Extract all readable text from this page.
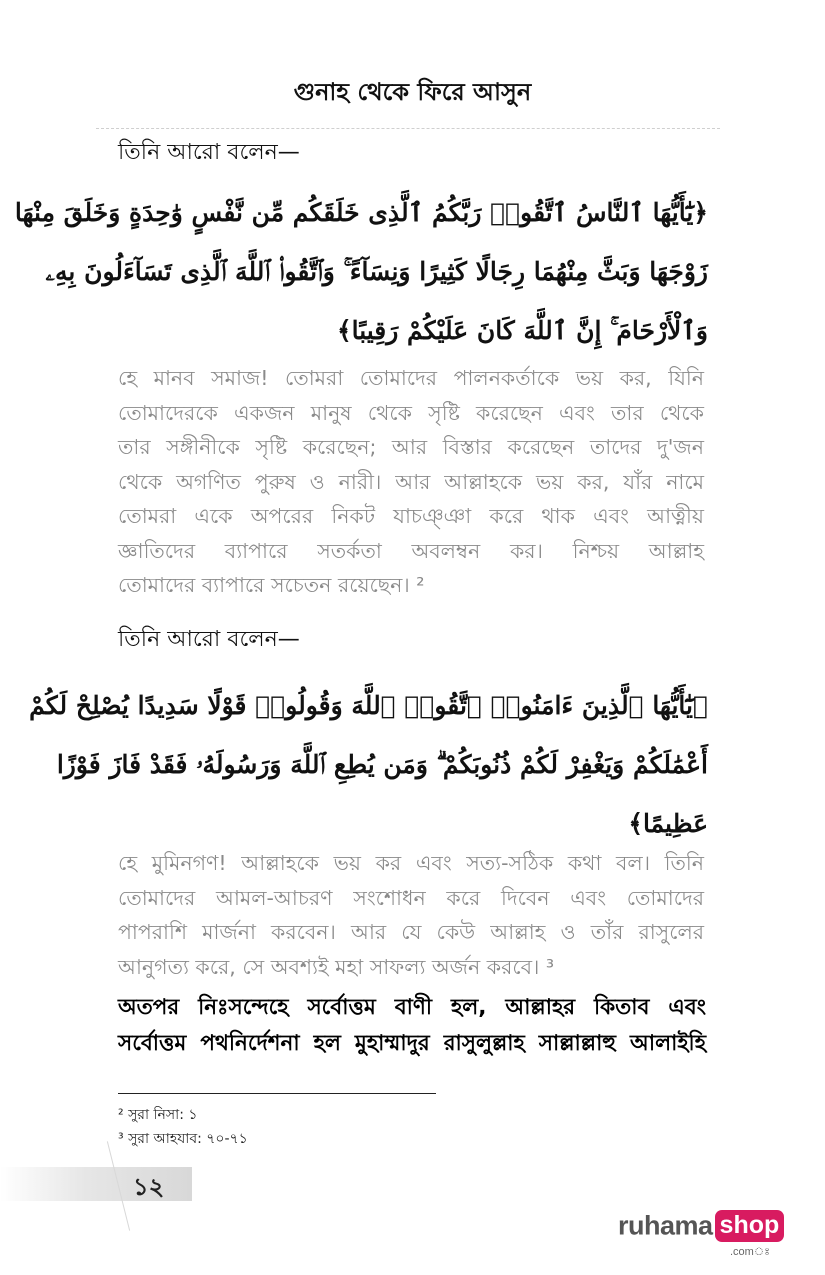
গুনাহ থেকে ফিরে আসুন
তিনি আরো বলেন—
﴿يَٰٓأَيُّهَا ٱلنَّاسُ ٱتَّقُوا۟ رَبَّكُمُ ٱلَّذِى خَلَقَكُم مِّن نَّفْسٍ وَٰحِدَةٍ وَخَلَقَ مِنْهَا
زَوْجَهَا وَبَثَّ مِنْهُمَا رِجَالًا كَثِيرًا وَنِسَآءً ۚ وَٱتَّقُوا۟ ٱللَّهَ ٱلَّذِى تَسَآءَلُونَ بِهِۦ
وَٱلْأَرْحَامَ ۚ إِنَّ ٱللَّهَ كَانَ عَلَيْكُمْ رَقِيبًا﴾
হে মানব সমাজ! তোমরা তোমাদের পালনকর্তাকে ভয় কর, যিনি
তোমাদেরকে একজন মানুষ থেকে সৃষ্টি করেছেন এবং তার থেকে
তার সঙ্গীনীকে সৃষ্টি করেছেন; আর বিস্তার করেছেন তাদের দু'জন
থেকে অগণিত পুরুষ ও নারী। আর আল্লাহকে ভয় কর, যাঁর নামে
তোমরা একে অপরের নিকট যাচঞ্ঞা করে থাক এবং আত্নীয়
জ্ঞাতিদের ব্যাপারে সতর্কতা অবলম্বন কর। নিশ্চয় আল্লাহ
তোমাদের ব্যাপারে সচেতন রয়েছেন। ²
তিনি আরো বলেন—
﴿يَٰٓأَيُّهَا ٱلَّذِينَ ءَامَنُوا۟ ٱتَّقُوا۟ ٱللَّهَ وَقُولُوا۟ قَوْلًا سَدِيدًا يُصْلِحْ لَكُمْ
أَعْمَٰلَكُمْ وَيَغْفِرْ لَكُمْ ذُنُوبَكُمْ ۗ وَمَن يُطِعِ ٱللَّهَ وَرَسُولَهُۥ فَقَدْ فَازَ فَوْزًا
عَظِيمًا﴾
হে মুমিনগণ! আল্লাহকে ভয় কর এবং সত্য-সঠিক কথা বল। তিনি
তোমাদের আমল-আচরণ সংশোধন করে দিবেন এবং তোমাদের
পাপরাশি মার্জনা করবেন। আর যে কেউ আল্লাহ ও তাঁর রাসুলের
আনুগত্য করে, সে অবশ্যই মহা সাফল্য অর্জন করবে। ³
অতপর নিঃসন্দেহে সর্বোত্তম বাণী হল, আল্লাহর কিতাব এবং
সর্বোত্তম পথনির্দেশনা হল মুহাম্মাদুর রাসুলুল্লাহ সাল্লাল্লাহু আলাইহি
² সুরা নিসা: ১
³ সুরা আহযাব: ৭০-৭১
১২
ruhama shop
.comঃ
